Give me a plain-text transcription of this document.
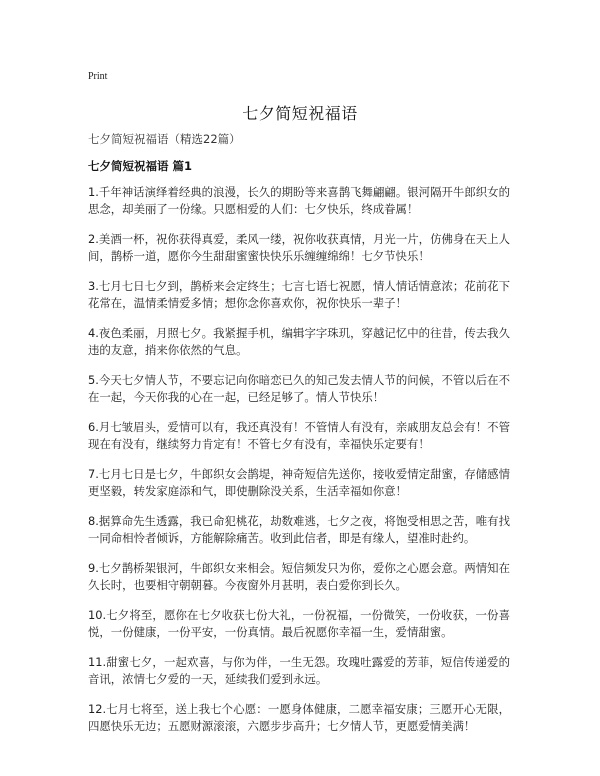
Print
七夕简短祝福语
七夕简短祝福语（精选22篇）
七夕简短祝福语 篇1

1.千年神话演绎着经典的浪漫，长久的期盼等来喜鹊飞舞翩翩。银河隔开牛郎织女的思念，却美丽了一份缘。只愿相爱的人们：七夕快乐，终成眷属！

2.美酒一杯，祝你获得真爱，柔风一缕，祝你收获真情，月光一片，仿佛身在天上人间，鹊桥一道，愿你今生甜甜蜜蜜快快乐乐缠缠绵绵！七夕节快乐！

3.七月七日七夕到，鹊桥来会定终生；七言七语七祝愿，情人情话情意浓；花前花下花常在，温情柔情爱多情；想你念你喜欢你，祝你快乐一辈子！

4.夜色柔丽，月照七夕。我紧握手机，编辑字字珠玑，穿越记忆中的往昔，传去我久违的友意，捎来你依然的气息。

5.今天七夕情人节，不要忘记向你暗恋已久的知己发去情人节的问候，不管以后在不在一起，今天你我的心在一起，已经足够了。情人节快乐！

6.月七皱眉头，爱情可以有，我还真没有！不管情人有没有，亲戚朋友总会有！不管现在有没有，继续努力肯定有！不管七夕有没有，幸福快乐定要有！

7.七月七日是七夕，牛郎织女会鹊堤，神奇短信先送你，接收爱情定甜蜜，存储感情更坚毅，转发家庭添和气，即使删除没关系，生活幸福如你意！

8.据算命先生透露，我已命犯桃花，劫数难逃，七夕之夜，将饱受相思之苦，唯有找一同命相怜者倾诉，方能解除痛苦。收到此信者，即是有缘人，望准时赴约。

9.七夕鹊桥架银河，牛郎织女来相会。短信频发只为你，爱你之心愿会意。两情知在久长时，也要相守朝朝暮。今夜窗外月甚明，表白爱你到长久。

10.七夕将至，愿你在七夕收获七份大礼，一份祝福，一份微笑，一份收获，一份喜悦，一份健康，一份平安，一份真情。最后祝愿你幸福一生，爱情甜蜜。

11.甜蜜七夕，一起欢喜，与你为伴，一生无怨。玫瑰吐露爱的芳菲，短信传递爱的音讯，浓情七夕爱的一天，延续我们爱到永远。

12.七月七将至，送上我七个心愿：一愿身体健康，二愿幸福安康；三愿开心无限，四愿快乐无边；五愿财源滚滚，六愿步步高升；七夕情人节，更愿爱情美满！
